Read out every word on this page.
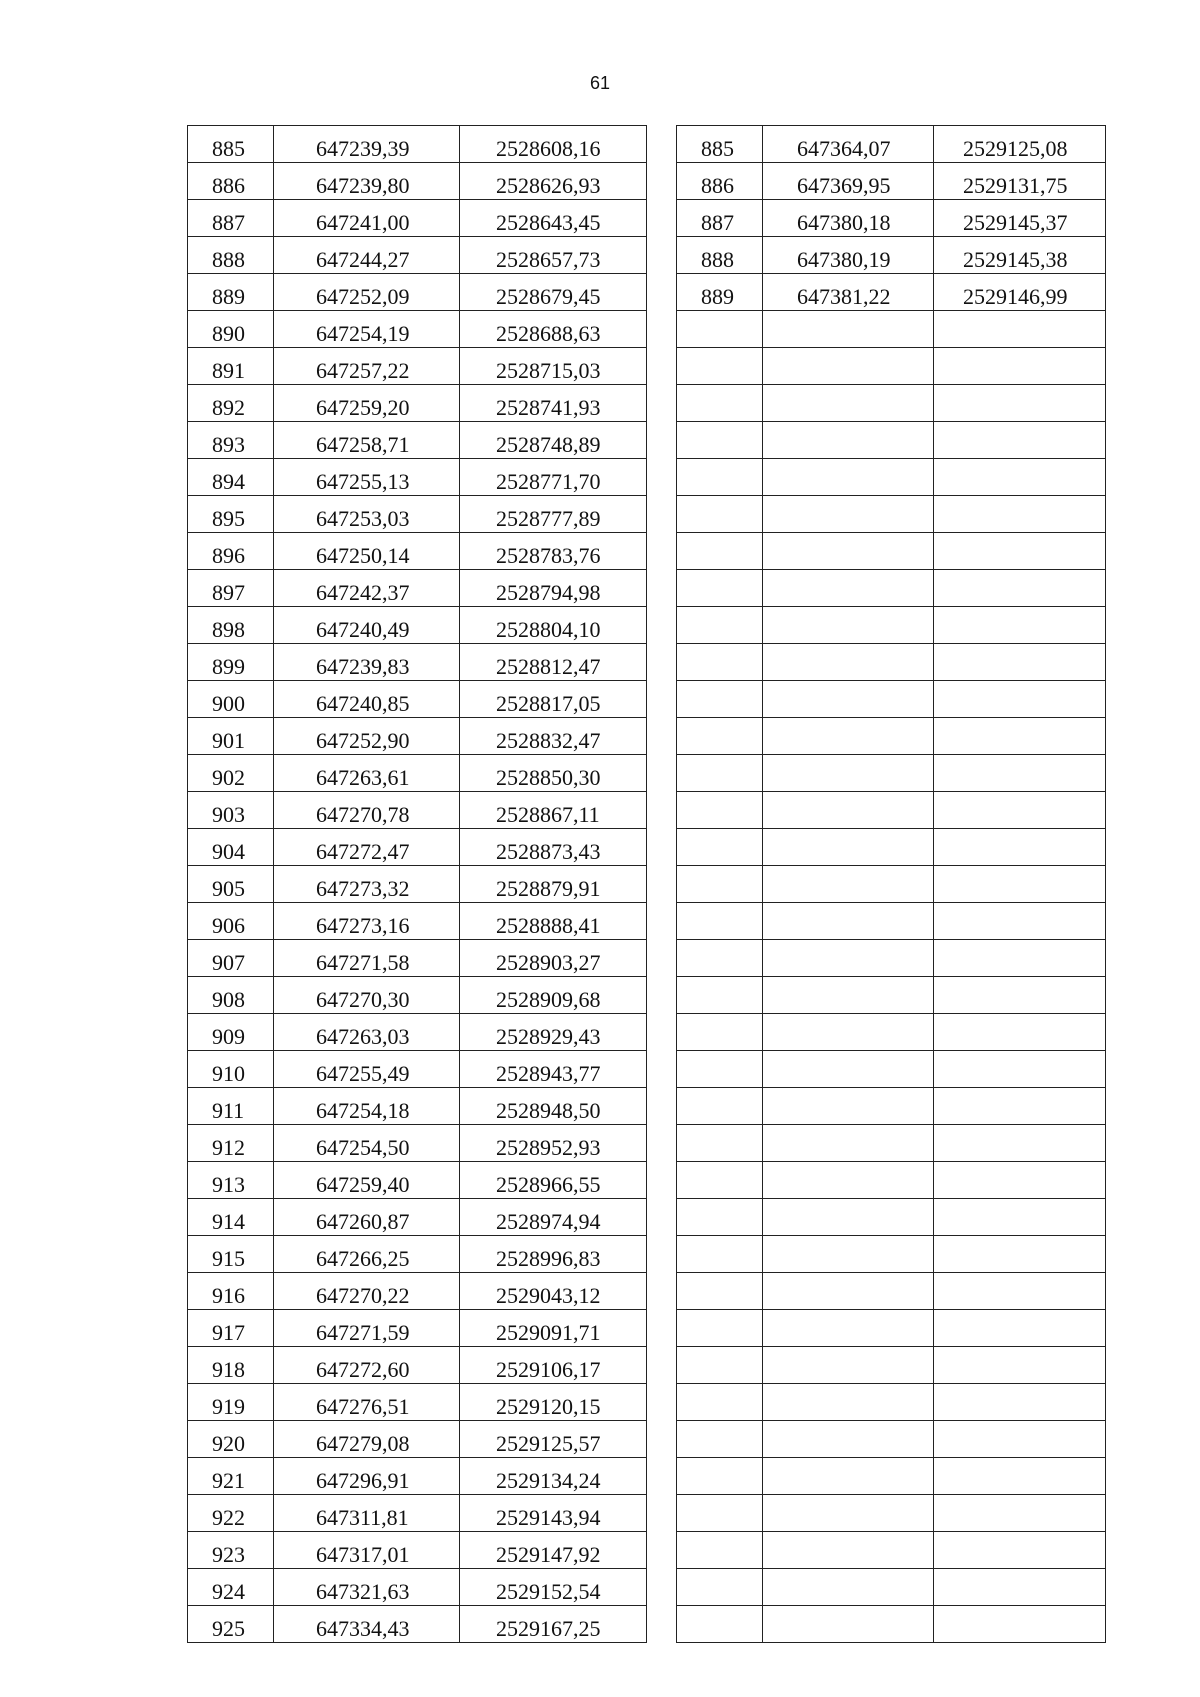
61
885	647239,39	2528608,16
886	647239,80	2528626,93
887	647241,00	2528643,45
888	647244,27	2528657,73
889	647252,09	2528679,45
890	647254,19	2528688,63
891	647257,22	2528715,03
892	647259,20	2528741,93
893	647258,71	2528748,89
894	647255,13	2528771,70
895	647253,03	2528777,89
896	647250,14	2528783,76
897	647242,37	2528794,98
898	647240,49	2528804,10
899	647239,83	2528812,47
900	647240,85	2528817,05
901	647252,90	2528832,47
902	647263,61	2528850,30
903	647270,78	2528867,11
904	647272,47	2528873,43
905	647273,32	2528879,91
906	647273,16	2528888,41
907	647271,58	2528903,27
908	647270,30	2528909,68
909	647263,03	2528929,43
910	647255,49	2528943,77
911	647254,18	2528948,50
912	647254,50	2528952,93
913	647259,40	2528966,55
914	647260,87	2528974,94
915	647266,25	2528996,83
916	647270,22	2529043,12
917	647271,59	2529091,71
918	647272,60	2529106,17
919	647276,51	2529120,15
920	647279,08	2529125,57
921	647296,91	2529134,24
922	647311,81	2529143,94
923	647317,01	2529147,92
924	647321,63	2529152,54
925	647334,43	2529167,25
885	647364,07	2529125,08
886	647369,95	2529131,75
887	647380,18	2529145,37
888	647380,19	2529145,38
889	647381,22	2529146,99
